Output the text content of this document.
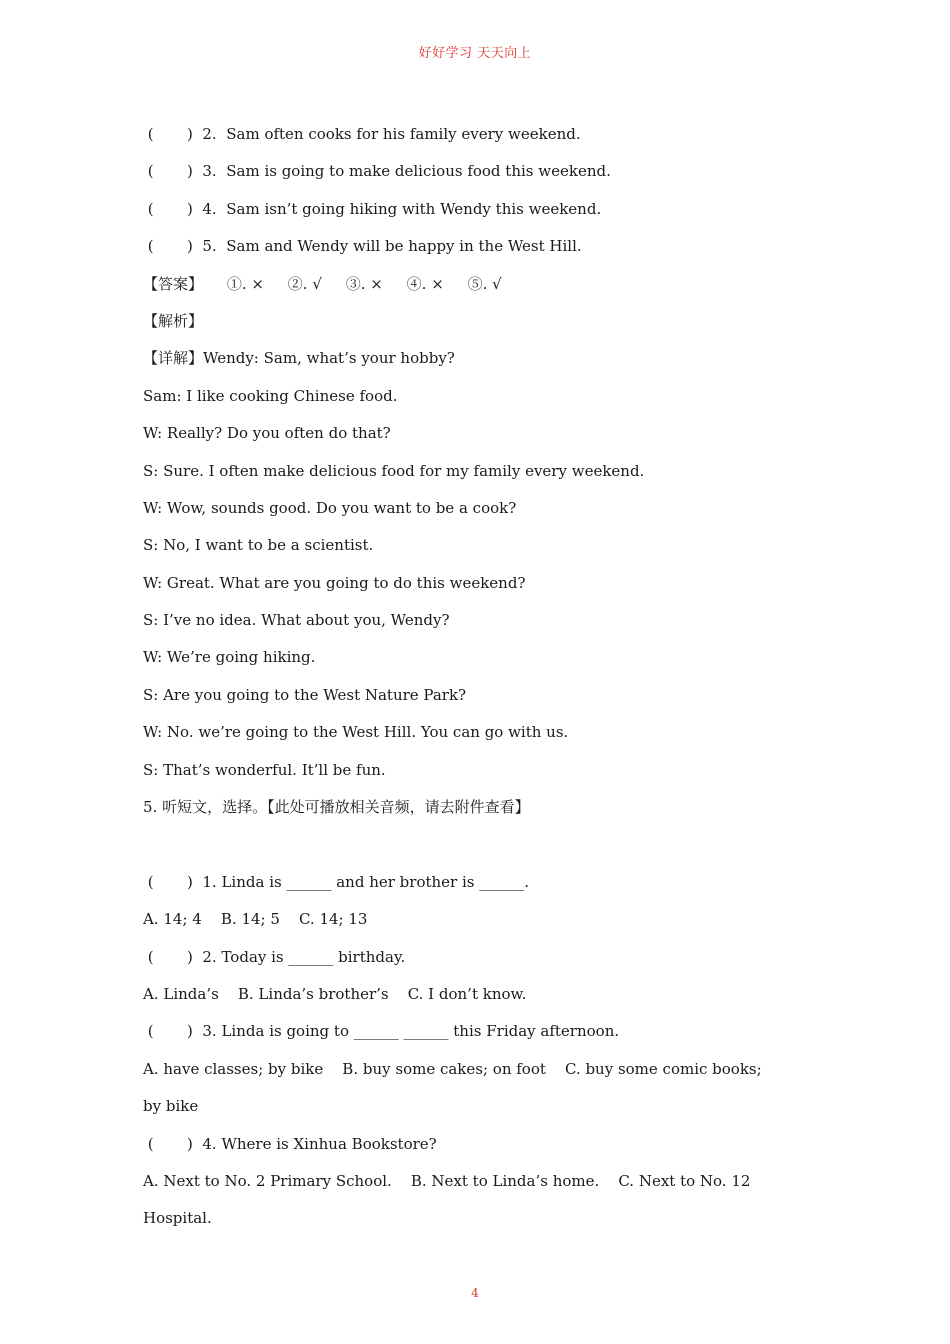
好好学习 天天向上
(       )  2.  Sam often cooks for his family every weekend.
(       )  3.  Sam is going to make delicious food this weekend.
(       )  4.  Sam isn’t going hiking with Wendy this weekend.
(       )  5.  Sam and Wendy will be happy in the West Hill.
【答案】     ①. ×     ②. √     ③. ×     ④. ×     ⑤. √
【解析】
【详解】Wendy: Sam, what’s your hobby?
Sam: I like cooking Chinese food.
W: Really? Do you often do that?
S: Sure. I often make delicious food for my family every weekend.
W: Wow, sounds good. Do you want to be a cook?
S: No, I want to be a scientist.
W: Great. What are you going to do this weekend?
S: I’ve no idea. What about you, Wendy?
W: We’re going hiking.
S: Are you going to the West Nature Park?
W: No. we’re going to the West Hill. You can go with us.
S: That’s wonderful. It’ll be fun.
5. 听短文，选择。【此处可播放相关音频，请去附件查看】
(       )  1. Linda is ______ and her brother is ______.
A. 14; 4    B. 14; 5    C. 14; 13
(       )  2. Today is ______ birthday.
A. Linda’s    B. Linda’s brother’s    C. I don’t know.
(       )  3. Linda is going to ______ ______ this Friday afternoon.
A. have classes; by bike    B. buy some cakes; on foot    C. buy some comic books;
by bike
(       )  4. Where is Xinhua Bookstore?
A. Next to No. 2 Primary School.    B. Next to Linda’s home.    C. Next to No. 12
Hospital.
4
